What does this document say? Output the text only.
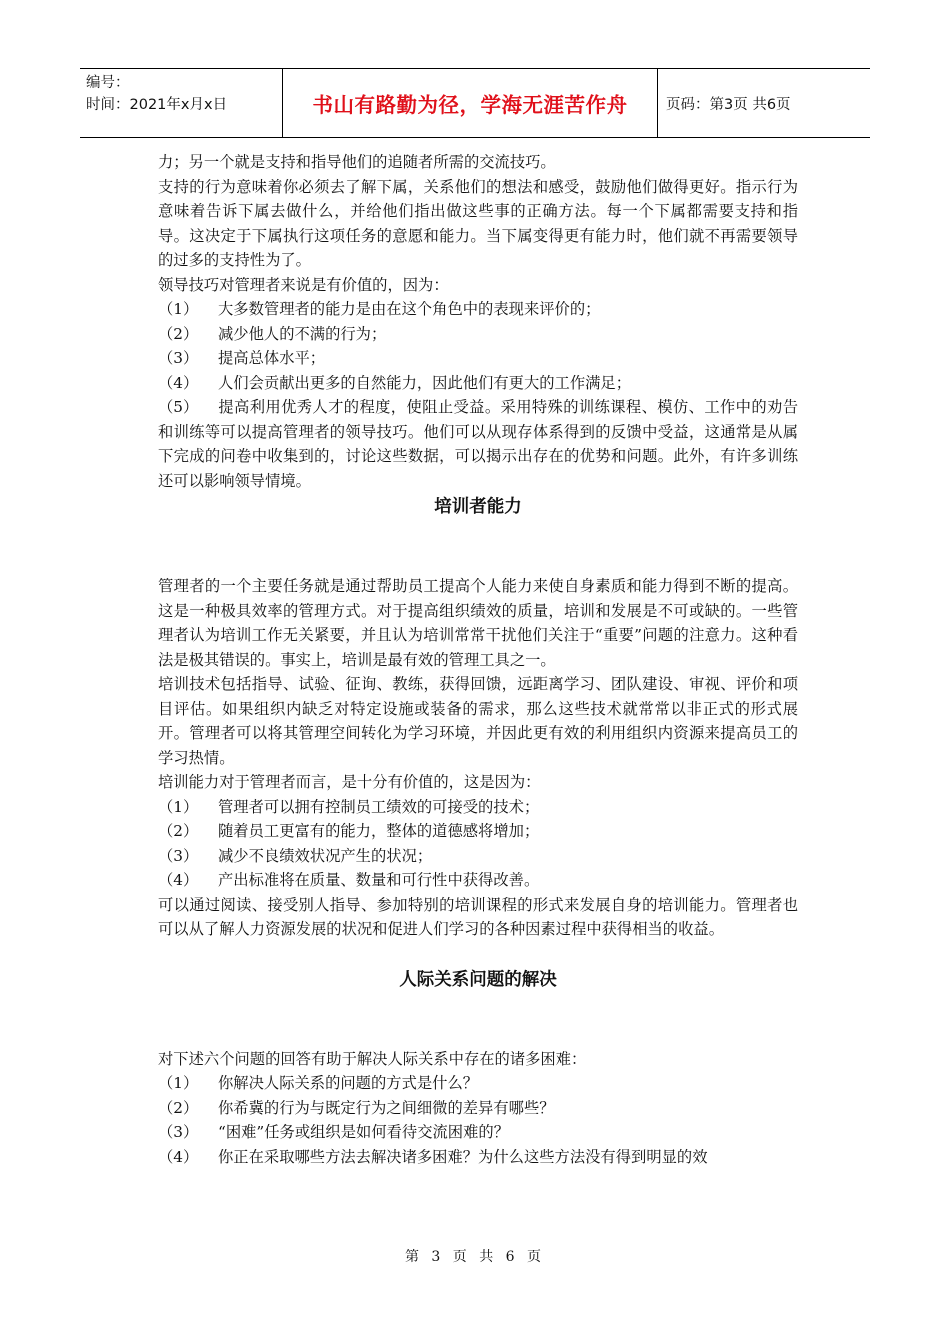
编号：
时间：2021年x月x日	书山有路勤为径，学海无涯苦作舟	页码：第3页 共6页

力；另一个就是支持和指导他们的追随者所需的交流技巧。

支持的行为意味着你必须去了解下属，关系他们的想法和感受，鼓励他们做得更好。指示行为意味着告诉下属去做什么，并给他们指出做这些事的正确方法。每一个下属都需要支持和指导。这决定于下属执行这项任务的意愿和能力。当下属变得更有能力时，他们就不再需要领导的过多的支持性为了。

领导技巧对管理者来说是有价值的，因为：

（1）	大多数管理者的能力是由在这个角色中的表现来评价的；
（2）	减少他人的不满的行为；
（3）	提高总体水平；
（4）	人们会贡献出更多的自然能力，因此他们有更大的工作满足；
（5） 提高利用优秀人才的程度，使阻止受益。采用特殊的训练课程、模仿、工作中的劝告和训练等可以提高管理者的领导技巧。他们可以从现存体系得到的反馈中受益，这通常是从属下完成的问卷中收集到的，讨论这些数据，可以揭示出存在的优势和问题。此外，有许多训练还可以影响领导情境。
培训者能力

管理者的一个主要任务就是通过帮助员工提高个人能力来使自身素质和能力得到不断的提高。这是一种极具效率的管理方式。对于提高组织绩效的质量，培训和发展是不可或缺的。一些管理者认为培训工作无关紧要，并且认为培训常常干扰他们关注于“重要”问题的注意力。这种看法是极其错误的。事实上，培训是最有效的管理工具之一。

培训技术包括指导、试验、征询、教练，获得回馈，远距离学习、团队建设、审视、评价和项目评估。如果组织内缺乏对特定设施或装备的需求，那么这些技术就常常以非正式的形式展开。管理者可以将其管理空间转化为学习环境，并因此更有效的利用组织内资源来提高员工的学习热情。

培训能力对于管理者而言，是十分有价值的，这是因为：

（1）	管理者可以拥有控制员工绩效的可接受的技术；
（2）	随着员工更富有的能力，整体的道德感将增加；
（3）	减少不良绩效状况产生的状况；
（4）	产出标准将在质量、数量和可行性中获得改善。

可以通过阅读、接受别人指导、参加特别的培训课程的形式来发展自身的培训能力。管理者也可以从了解人力资源发展的状况和促进人们学习的各种因素过程中获得相当的收益。

人际关系问题的解决

对下述六个问题的回答有助于解决人际关系中存在的诸多困难：

（1）	你解决人际关系的问题的方式是什么？
（2）	你希冀的行为与既定行为之间细微的差异有哪些？
（3）	“困难”任务或组织是如何看待交流困难的？
（4）	你正在采取哪些方法去解决诸多困难？为什么这些方法没有得到明显的效
第 3 页 共 6 页
